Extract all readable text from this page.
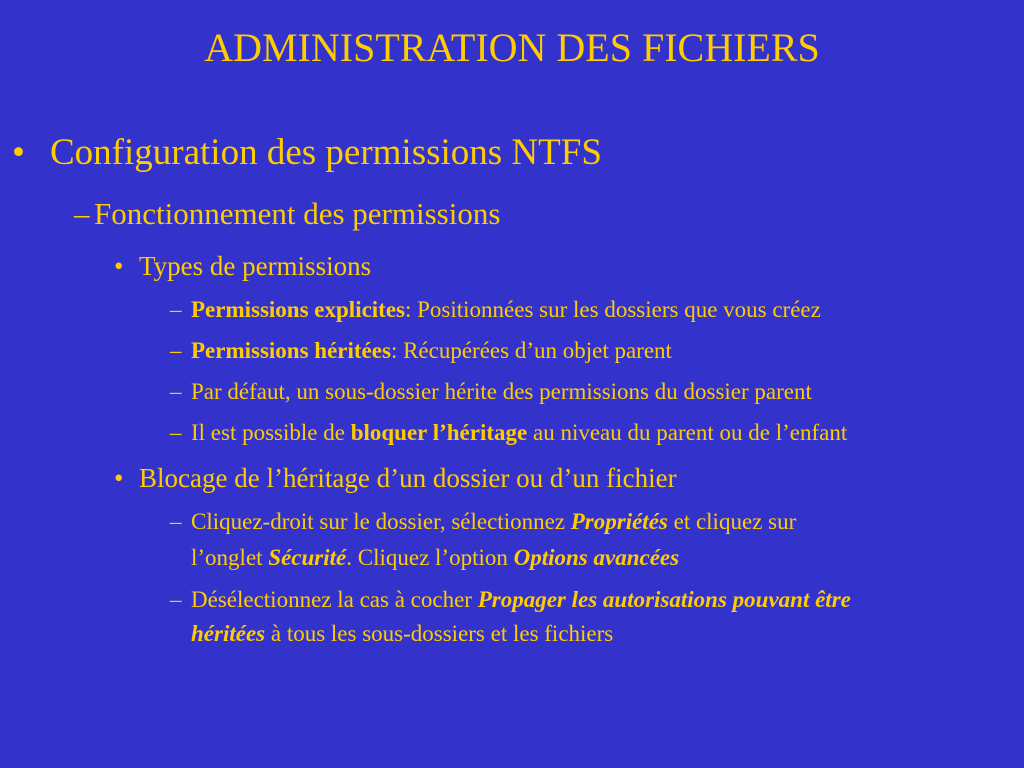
ADMINISTRATION DES FICHIERS
• Configuration des permissions NTFS
– Fonctionnement des permissions
• Types de permissions
– Permissions explicites: Positionnées sur les dossiers que vous créez
– Permissions héritées: Récupérées d’un objet parent
– Par défaut, un sous-dossier hérite des permissions du dossier parent
– Il est possible de bloquer l’héritage au niveau du parent ou de l’enfant
• Blocage de l’héritage d’un dossier ou d’un fichier
– Cliquez-droit sur le dossier, sélectionnez Propriétés et cliquez sur
l’onglet Sécurité. Cliquez l’option Options avancées
– Désélectionnez la cas à cocher Propager les autorisations pouvant être
héritées à tous les sous-dossiers et les fichiers
